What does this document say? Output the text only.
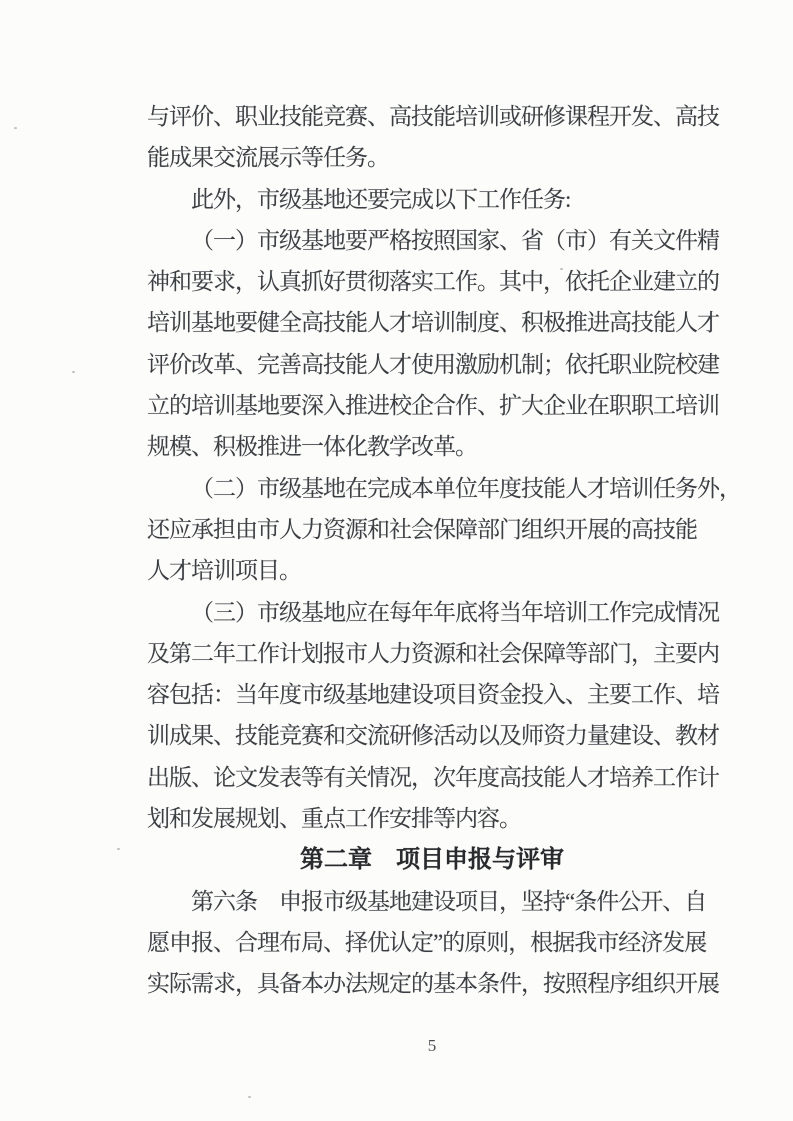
与评价、职业技能竞赛、高技能培训或研修课程开发、高技
能成果交流展示等任务。
此外，市级基地还要完成以下工作任务:
（一）市级基地要严格按照国家、省（市）有关文件精
神和要求，认真抓好贯彻落实工作。其中，依托企业建立的
培训基地要健全高技能人才培训制度、积极推进高技能人才
评价改革、完善高技能人才使用激励机制；依托职业院校建
立的培训基地要深入推进校企合作、扩大企业在职职工培训
规模、积极推进一体化教学改革。
（二）市级基地在完成本单位年度技能人才培训任务外，
还应承担由市人力资源和社会保障部门组织开展的高技能
人才培训项目。
（三）市级基地应在每年年底将当年培训工作完成情况
及第二年工作计划报市人力资源和社会保障等部门，主要内
容包括：当年度市级基地建设项目资金投入、主要工作、培
训成果、技能竞赛和交流研修活动以及师资力量建设、教材
出版、论文发表等有关情况，次年度高技能人才培养工作计
划和发展规划、重点工作安排等内容。
第二章　项目申报与评审
第六条　申报市级基地建设项目，坚持“条件公开、自
愿申报、合理布局、择优认定”的原则，根据我市经济发展
实际需求，具备本办法规定的基本条件，按照程序组织开展
5
